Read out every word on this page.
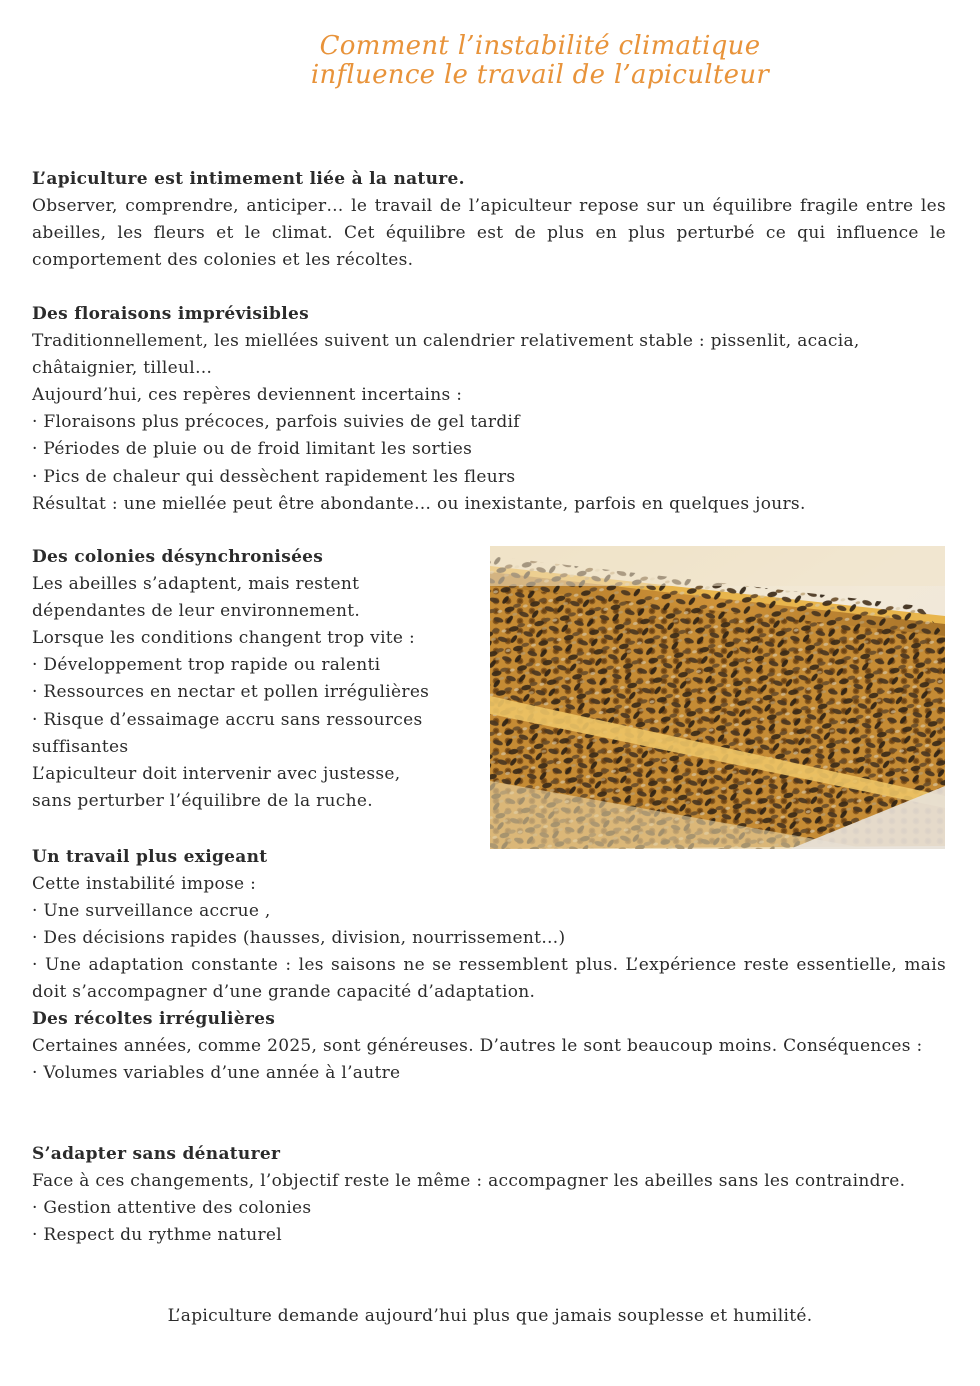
Comment l’instabilité climatique
influence le travail de l’apiculteur
L’apiculture est intimement liée à la nature.
Observer, comprendre, anticiper… le travail de l’apiculteur repose sur un équilibre fragile entre les abeilles, les fleurs et le climat. Cet équilibre est de plus en plus perturbé ce qui influence le comportement des colonies et les récoltes.
Des floraisons imprévisibles
Traditionnellement, les miellées suivent un calendrier relativement stable : pissenlit, acacia, châtaignier, tilleul…
Aujourd’hui, ces repères deviennent incertains :
· Floraisons plus précoces, parfois suivies de gel tardif
· Périodes de pluie ou de froid limitant les sorties
· Pics de chaleur qui dessèchent rapidement les fleurs
Résultat : une miellée peut être abondante… ou inexistante, parfois en quelques jours.
Des colonies désynchronisées
Les abeilles s’adaptent, mais restent
dépendantes de leur environnement.
Lorsque les conditions changent trop vite :
· Développement trop rapide ou ralenti
· Ressources en nectar et pollen irrégulières
· Risque d’essaimage accru sans ressources
suffisantes
L’apiculteur doit intervenir avec justesse,
sans perturber l’équilibre de la ruche.
Un travail plus exigeant
Cette instabilité impose :
· Une surveillance accrue ,
· Des décisions rapides (hausses, division, nourrissement…)
· Une adaptation constante : les saisons ne se ressemblent plus. L’expérience reste essentielle, mais doit s’accompagner d’une grande capacité d’adaptation.
Des récoltes irrégulières
Certaines années, comme 2025, sont généreuses. D’autres le sont beaucoup moins. Conséquences :
· Volumes variables d’une année à l’autre
S’adapter sans dénaturer
Face à ces changements, l’objectif reste le même : accompagner les abeilles sans les contraindre.
· Gestion attentive des colonies
· Respect du rythme naturel
L’apiculture demande aujourd’hui plus que jamais souplesse et humilité.
